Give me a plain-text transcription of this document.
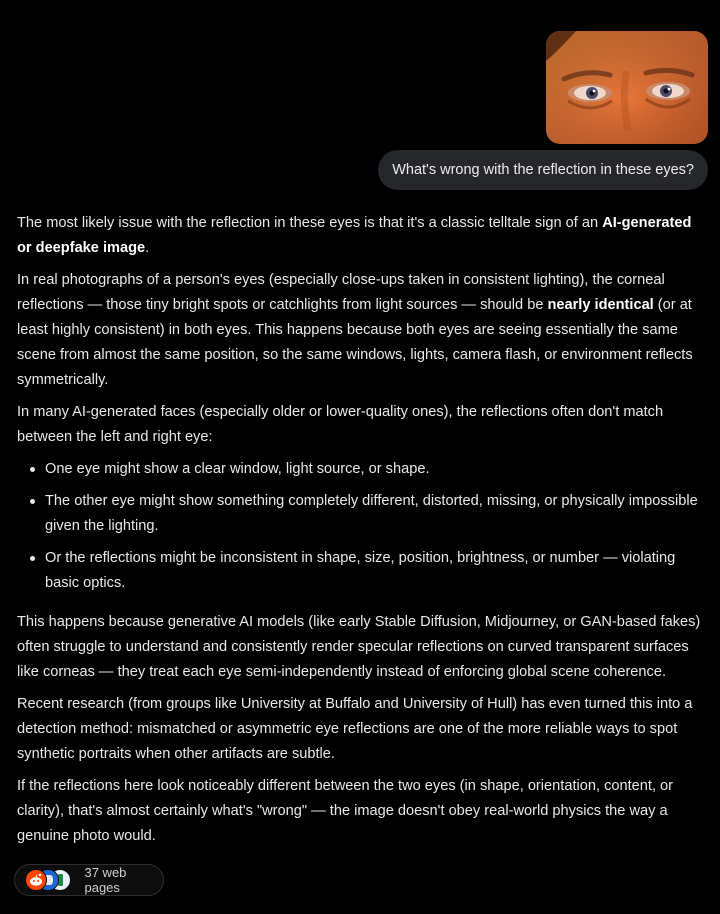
What's wrong with the reflection in these eyes?

The most likely issue with the reflection in these eyes is that it's a classic telltale sign of an AI-generated or deepfake image.

In real photographs of a person's eyes (especially close-ups taken in consistent lighting), the corneal reflections — those tiny bright spots or catchlights from light sources — should be nearly identical (or at least highly consistent) in both eyes. This happens because both eyes are seeing essentially the same scene from almost the same position, so the same windows, lights, camera flash, or environment reflects symmetrically.

In many AI-generated faces (especially older or lower-quality ones), the reflections often don't match between the left and right eye:

One eye might show a clear window, light source, or shape.
The other eye might show something completely different, distorted, missing, or physically impossible given the lighting.
Or the reflections might be inconsistent in shape, size, position, brightness, or number — violating basic optics.

This happens because generative AI models (like early Stable Diffusion, Midjourney, or GAN-based fakes) often struggle to understand and consistently render specular reflections on curved transparent surfaces like corneas — they treat each eye semi-independently instead of enforcing global scene coherence.

Recent research (from groups like University at Buffalo and University of Hull) has even turned this into a detection method: mismatched or asymmetric eye reflections are one of the more reliable ways to spot synthetic portraits when other artifacts are subtle.

If the reflections here look noticeably different between the two eyes (in shape, orientation, content, or clarity), that's almost certainly what's "wrong" — the image doesn't obey real-world physics the way a genuine photo would.

37 web pages
